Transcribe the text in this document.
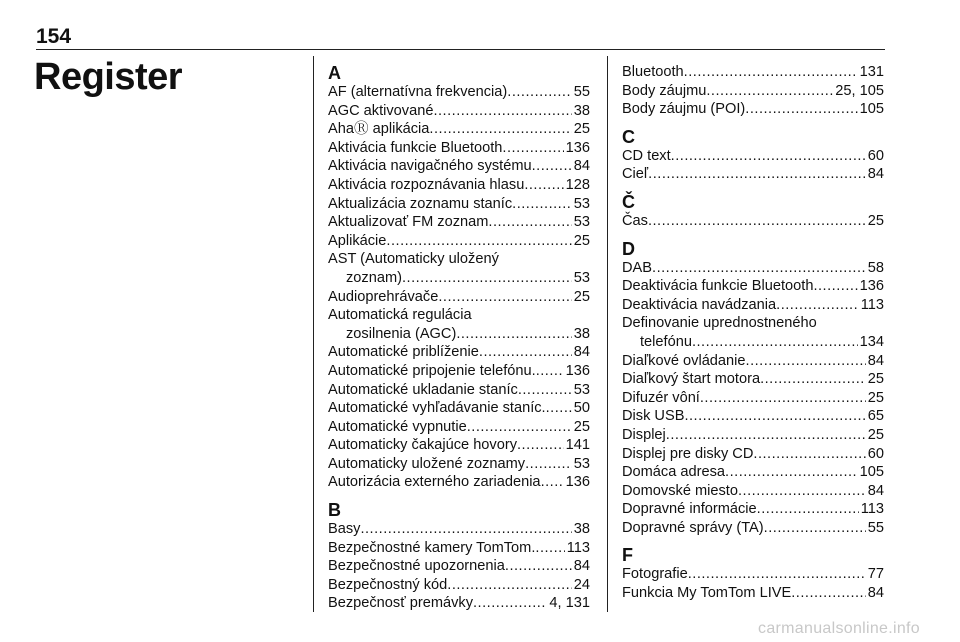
154
Register	A
AF (alternatívna frekvencia) .....	55
AGC aktivované .....	38
AhaⓇ aplikácia .....	25
Aktivácia funkcie Bluetooth .....	136
Aktivácia navigačného systému .....	84
Aktivácia rozpoznávania hlasu .....	128
Aktualizácia zoznamu staníc .....	53
Aktualizovať FM zoznam .....	53
Aplikácie .....	25
AST (Automaticky uložený
zoznam) .....	53
Audioprehrávače .....	25
Automatická regulácia
zosilnenia (AGC) .....	38
Automatické priblíženie .....	84
Automatické pripojenie telefónu. ..... 136
Automatické ukladanie staníc .....	53
Automatické vyhľadávanie staníc. ..... 50
Automatické vypnutie .....	25
Automaticky čakajúce hovory .....	141
Automaticky uložené zoznamy .....	53
Autorizácia externého zariadenia ..... 136
B
Basy .....	38
Bezpečnostné kamery TomTom. ..... 113
Bezpečnostné upozornenia .....	84
Bezpečnostný kód .....	24
Bezpečnosť premávky .....	4, 131
Bluetooth .....	131
Body záujmu .....	25, 105
Body záujmu (POI) .....	105
C
CD text .....	60
Cieľ .....	84
Č
Čas .....	25
D
DAB .....	58
Deaktivácia funkcie Bluetooth .....	136
Deaktivácia navádzania .....	113
Definovanie uprednostneného
telefónu .....	134
Diaľkové ovládanie .....	84
Diaľkový štart motora .....	25
Difuzér vôní .....	25
Disk USB .....	65
Displej .....	25
Displej pre disky CD .....	60
Domáca adresa .....	105
Domovské miesto .....	84
Dopravné informácie .....	113
Dopravné správy (TA) .....	55
F
Fotografie .....	77
Funkcia My TomTom LIVE .....	84
carmanualsonline.info
